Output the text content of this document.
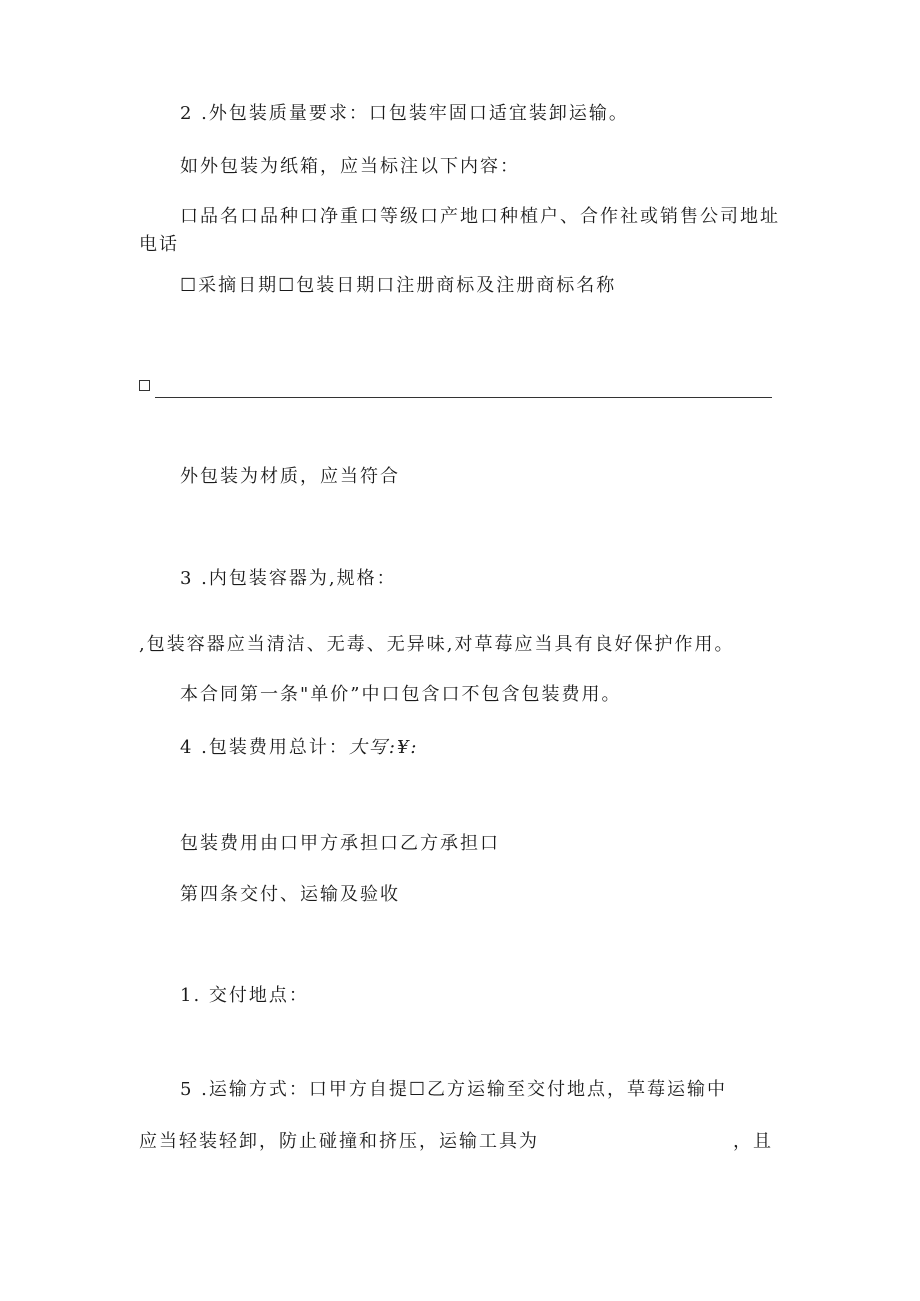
2 .外包装质量要求：口包装牢固口适宜装卸运输。
如外包装为纸箱，应当标注以下内容：
口品名口品种口净重口等级口产地口种植户、合作社或销售公司地址
电话
☐采摘日期☐包装日期口注册商标及注册商标名称
外包装为材质，应当符合
3 .内包装容器为,规格：
,包装容器应当清洁、无毒、无异味,对草莓应当具有良好保护作用。
本合同第一条"单价”中口包含口不包含包装费用。
4 .包装费用总计：大写:¥:
包装费用由口甲方承担口乙方承担口
第四条交付、运输及验收
1. 交付地点：
5 .运输方式：口甲方自提☐乙方运输至交付地点，草莓运输中
应当轻装轻卸，防止碰撞和挤压，运输工具为	，且
